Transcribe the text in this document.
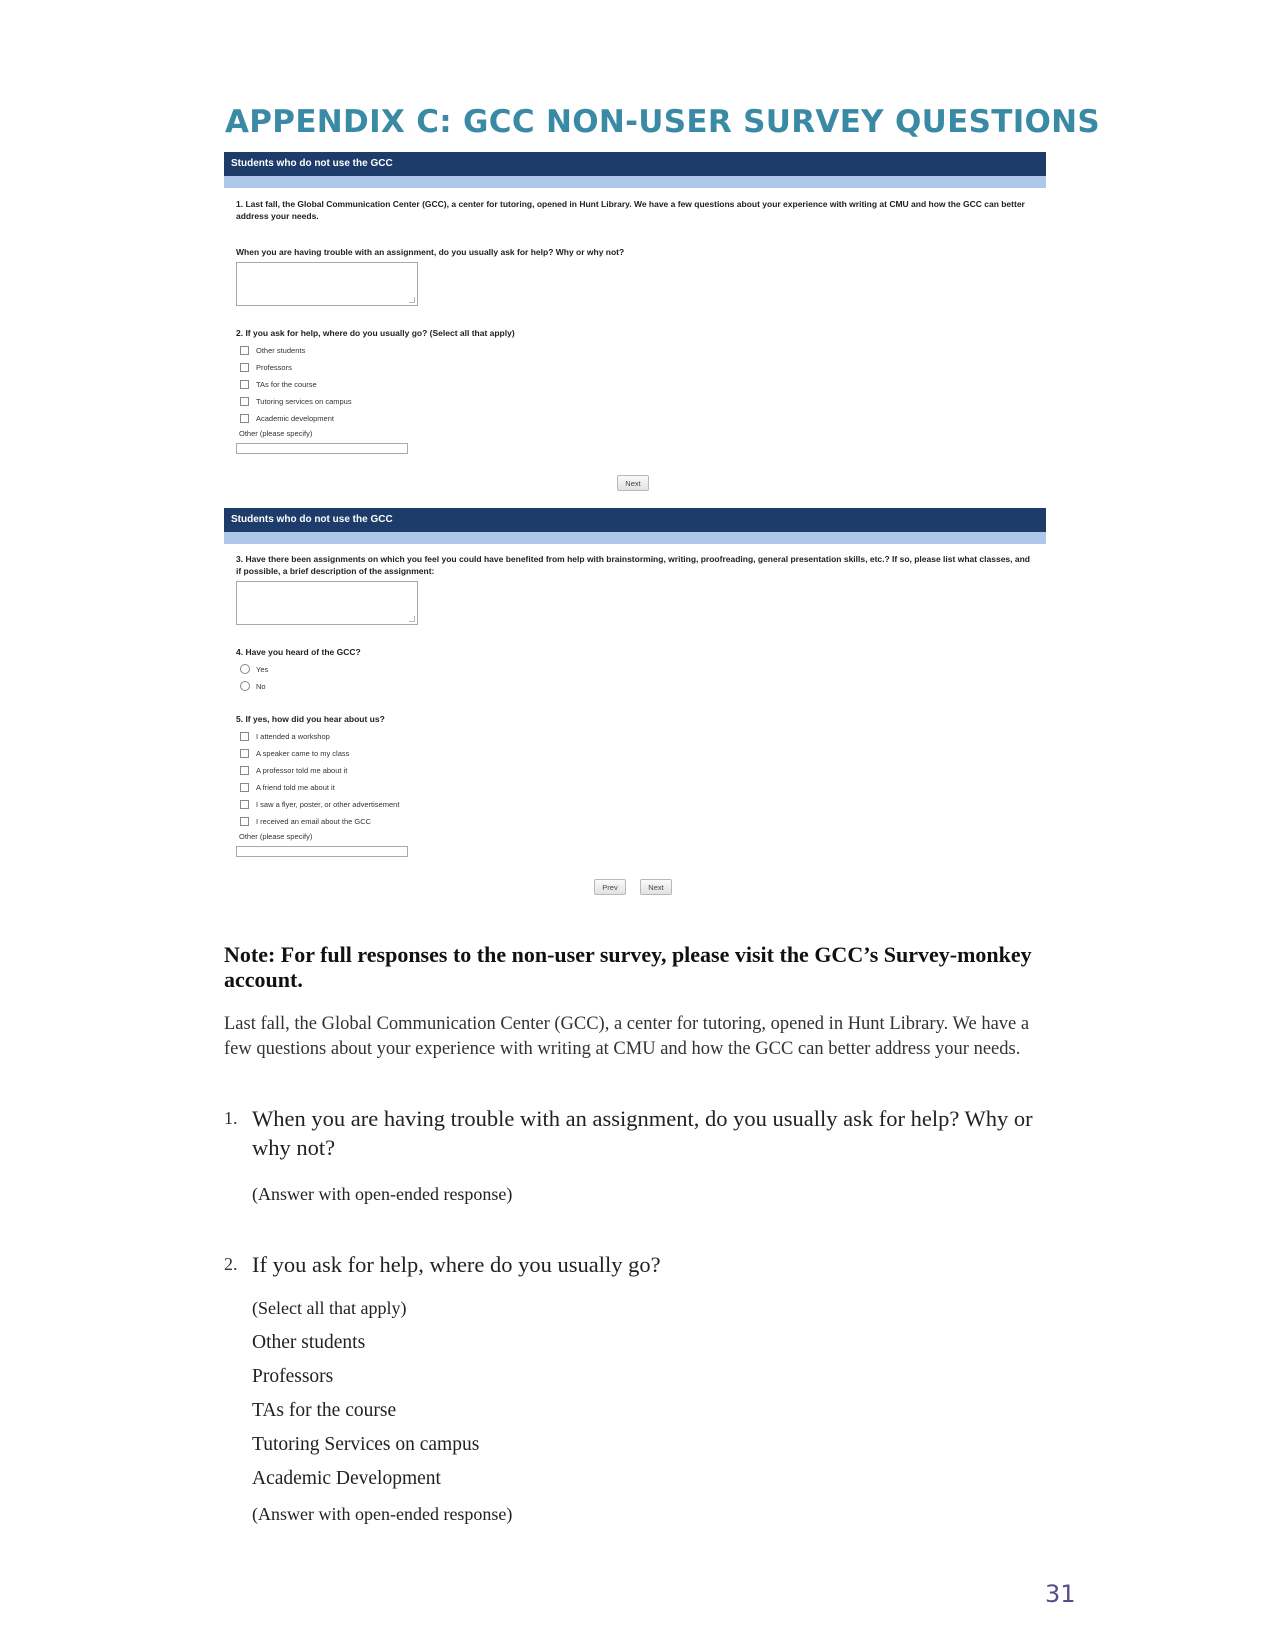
APPENDIX C: GCC NON-USER SURVEY QUESTIONS
Students who do not use the GCC
1. Last fall, the Global Communication Center (GCC), a center for tutoring, opened in Hunt Library. We have a few questions about your experience with writing at CMU and how the GCC can better address your needs.
When you are having trouble with an assignment, do you usually ask for help? Why or why not?
2. If you ask for help, where do you usually go? (Select all that apply)
Other students
Professors
TAs for the course
Tutoring services on campus
Academic development
Other (please specify)
Next
Students who do not use the GCC
3. Have there been assignments on which you feel you could have benefited from help with brainstorming, writing, proofreading, general presentation skills, etc.? If so, please list what classes, and if possible, a brief description of the assignment:
4. Have you heard of the GCC?
Yes
No
5. If yes, how did you hear about us?
I attended a workshop
A speaker came to my class
A professor told me about it
A friend told me about it
I saw a flyer, poster, or other advertisement
I received an email about the GCC
Other (please specify)
Prev	Next
Note: For full responses to the non-user survey, please visit the GCC’s Survey-monkey account.
Last fall, the Global Communication Center (GCC), a center for tutoring, opened in Hunt Library. We have a few questions about your experience with writing at CMU and how the GCC can better address your needs.
1. When you are having trouble with an assignment, do you usually ask for help? Why or why not?
(Answer with open-ended response)
2. If you ask for help, where do you usually go?
(Select all that apply)
Other students
Professors
TAs for the course
Tutoring Services on campus
Academic Development
(Answer with open-ended response)
31
